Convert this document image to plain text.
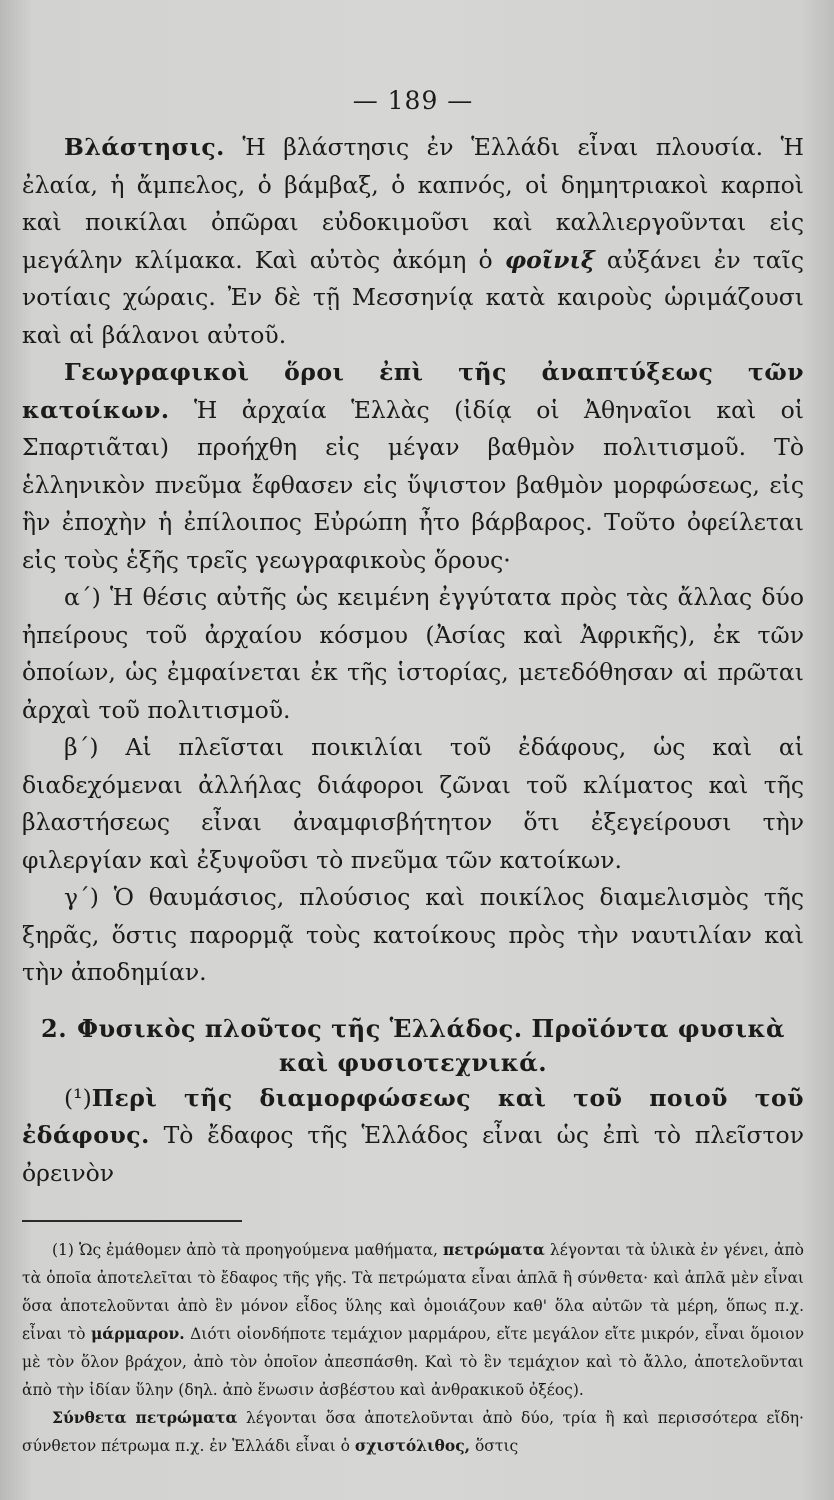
— 189 —

Βλάστησις. Ἡ βλάστησις ἐν Ἑλλάδι εἶναι πλουσία. Ἡ ἐλαία, ἡ ἄμπελος, ὁ βάμβαξ, ὁ καπνός, οἱ δημητριακοὶ καρποὶ καὶ ποικίλαι ὀπῶραι εὐδοκιμοῦσι καὶ καλλιεργοῦνται εἰς μεγάλην κλίμακα. Καὶ αὐτὸς ἀκόμη ὁ φοῖνιξ αὐξάνει ἐν ταῖς νοτίαις χώραις. Ἐν δὲ τῇ Μεσσηνίᾳ κατὰ καιροὺς ὡριμάζουσι καὶ αἱ βάλανοι αὐτοῦ.

Γεωγραφικοὶ ὅροι ἐπὶ τῆς ἀναπτύξεως τῶν κατοίκων. Ἡ ἀρχαία Ἑλλὰς (ἰδίᾳ οἱ Ἀθηναῖοι καὶ οἱ Σπαρτιᾶται) προήχθη εἰς μέγαν βαθμὸν πολιτισμοῦ. Τὸ ἑλληνικὸν πνεῦμα ἔφθασεν εἰς ὕψιστον βαθμὸν μορφώσεως, εἰς ἣν ἐποχὴν ἡ ἐπίλοιπος Εὐρώπη ἦτο βάρβαρος. Τοῦτο ὀφείλεται εἰς τοὺς ἑξῆς τρεῖς γεωγραφικοὺς ὅρους·

α΄) Ἡ θέσις αὐτῆς ὡς κειμένη ἐγγύτατα πρὸς τὰς ἄλλας δύο ἠπείρους τοῦ ἀρχαίου κόσμου (Ἀσίας καὶ Ἀφρικῆς), ἐκ τῶν ὁποίων, ὡς ἐμφαίνεται ἐκ τῆς ἱστορίας, μετεδόθησαν αἱ πρῶται ἀρχαὶ τοῦ πολιτισμοῦ.

β΄) Αἱ πλεῖσται ποικιλίαι τοῦ ἐδάφους, ὡς καὶ αἱ διαδεχόμεναι ἀλλήλας διάφοροι ζῶναι τοῦ κλίματος καὶ τῆς βλαστήσεως εἶναι ἀναμφισβήτητον ὅτι ἐξεγείρουσι τὴν φιλεργίαν καὶ ἐξυψοῦσι τὸ πνεῦμα τῶν κατοίκων.

γ΄) Ὁ θαυμάσιος, πλούσιος καὶ ποικίλος διαμελισμὸς τῆς ξηρᾶς, ὅστις παρορμᾷ τοὺς κατοίκους πρὸς τὴν ναυτιλίαν καὶ τὴν ἀποδημίαν.

2. Φυσικὸς πλοῦτος τῆς Ἑλλάδος. Προϊόντα φυσικὰ καὶ φυσιοτεχνικά.

(¹)Περὶ τῆς διαμορφώσεως καὶ τοῦ ποιοῦ τοῦ ἐδάφους. Τὸ ἔδαφος τῆς Ἑλλάδος εἶναι ὡς ἐπὶ τὸ πλεῖστον ὀρεινὸν

(1) Ὡς ἐμάθομεν ἀπὸ τὰ προηγούμενα μαθήματα, πετρώματα λέγονται τὰ ὑλικὰ ἐν γένει, ἀπὸ τὰ ὁποῖα ἀποτελεῖται τὸ ἔδαφος τῆς γῆς. Τὰ πετρώματα εἶναι ἁπλᾶ ἢ σύνθετα· καὶ ἁπλᾶ μὲν εἶναι ὅσα ἀποτελοῦνται ἀπὸ ἓν μόνον εἶδος ὕλης καὶ ὁμοιάζουν καθ' ὅλα αὐτῶν τὰ μέρη, ὅπως π.χ. εἶναι τὸ μάρμαρον. Διότι οἱονδήποτε τεμάχιον μαρμάρου, εἴτε μεγάλον εἴτε μικρόν, εἶναι ὅμοιον μὲ τὸν ὅλον βράχον, ἀπὸ τὸν ὁποῖον ἀπεσπάσθη. Καὶ τὸ ἓν τεμάχιον καὶ τὸ ἄλλο, ἀποτελοῦνται ἀπὸ τὴν ἰδίαν ὕλην (δηλ. ἀπὸ ἕνωσιν ἀσβέστου καὶ ἀνθρακικοῦ ὀξέος).

Σύνθετα πετρώματα λέγονται ὅσα ἀποτελοῦνται ἀπὸ δύο, τρία ἢ καὶ περισσότερα εἴδη· σύνθετον πέτρωμα π.χ. ἐν Ἑλλάδι εἶναι ὁ σχιστόλιθος, ὅστις
